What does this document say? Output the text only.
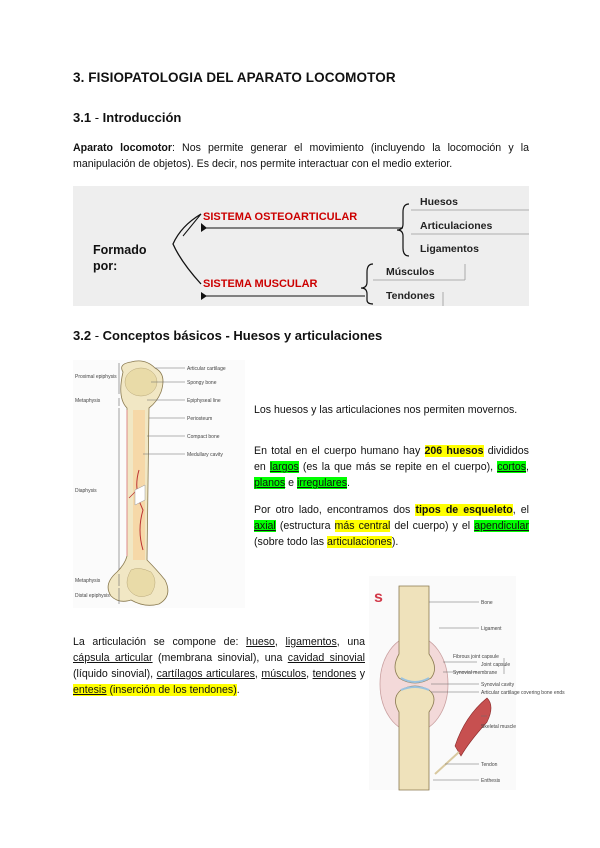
3. FISIOPATOLOGIA DEL APARATO LOCOMOTOR
3.1 - Introducción

Aparato locomotor: Nos permite generar el movimiento (incluyendo la locomoción y la manipulación de objetos). Es decir, nos permite interactuar con el medio exterior.

Formado
por:
SISTEMA OSTEOARTICULAR
SISTEMA MUSCULAR
Huesos
Articulaciones
Ligamentos
Músculos
Tendones
3.2 - Conceptos básicos - Huesos y articulaciones
Proximal epiphysis
Metaphysis
Diaphysis
Metaphysis
Distal epiphysis
Articular cartilage
Spongy bone
Epiphyseal line
Periosteum
Compact bone
Medullary cavity

Los huesos y las articulaciones nos permiten movernos.

En total en el cuerpo humano hay 206 huesos divididos en largos (es la que más se repite en el cuerpo), cortos, planos e irregulares.

Por otro lado, encontramos dos tipos de esqueleto, el axial (estructura más central del cuerpo) y el apendicular (sobre todo las articulaciones).

s	Bone
Ligament
Fibrous joint capsule
Synovial membrane
Joint capsule
Synovial cavity
Articular cartilage covering bone ends
Skeletal muscle
Tendon
Enthesis

La articulación se compone de: hueso, ligamentos, una cápsula articular (membrana sinovial), una cavidad sinovial (líquido sinovial), cartílagos articulares, músculos, tendones y entesis (inserción de los tendones).
